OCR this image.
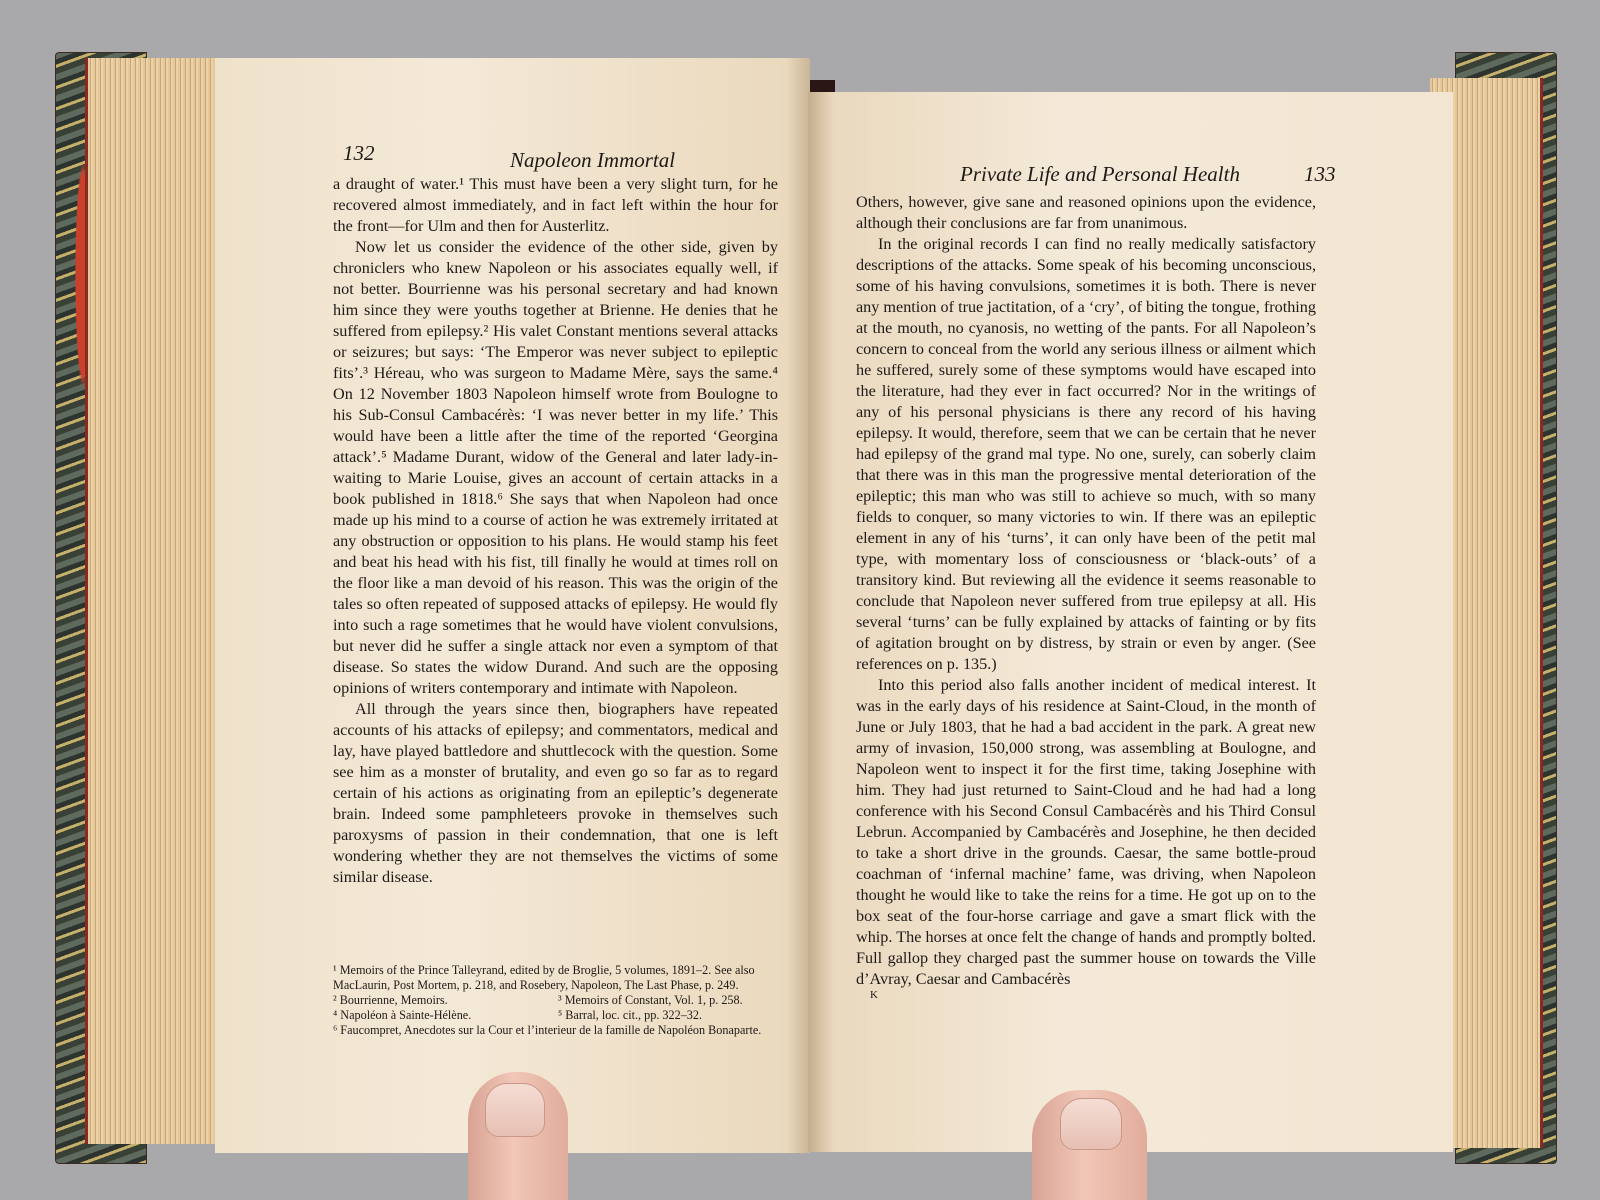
132	Napoleon Immortal

a draught of water.¹ This must have been a very slight turn, for he recovered almost immediately, and in fact left within the hour for the front—for Ulm and then for Austerlitz.

Now let us consider the evidence of the other side, given by chroniclers who knew Napoleon or his associates equally well, if not better. Bourrienne was his personal secretary and had known him since they were youths together at Brienne. He denies that he suffered from epilepsy.² His valet Constant mentions several attacks or seizures; but says: ‘The Emperor was never subject to epileptic fits’.³ Héreau, who was surgeon to Madame Mère, says the same.⁴ On 12 November 1803 Napoleon himself wrote from Boulogne to his Sub-Consul Cambacérès: ‘I was never better in my life.’ This would have been a little after the time of the reported ‘Georgina attack’.⁵ Madame Durant, widow of the General and later lady-in-waiting to Marie Louise, gives an account of certain attacks in a book published in 1818.⁶ She says that when Napoleon had once made up his mind to a course of action he was extremely irritated at any obstruction or opposition to his plans. He would stamp his feet and beat his head with his fist, till finally he would at times roll on the floor like a man devoid of his reason. This was the origin of the tales so often repeated of supposed attacks of epilepsy. He would fly into such a rage sometimes that he would have violent convulsions, but never did he suffer a single attack nor even a symptom of that disease. So states the widow Durand. And such are the opposing opinions of writers contemporary and intimate with Napoleon.

All through the years since then, biographers have repeated accounts of his attacks of epilepsy; and commentators, medical and lay, have played battledore and shuttlecock with the question. Some see him as a monster of brutality, and even go so far as to regard certain of his actions as originating from an epileptic’s degenerate brain. Indeed some pamphleteers provoke in themselves such paroxysms of passion in their condemnation, that one is left wondering whether they are not themselves the victims of some similar disease.

¹ Memoirs of the Prince Talleyrand, edited by de Broglie, 5 volumes, 1891–2. See also MacLaurin, Post Mortem, p. 218, and Rosebery, Napoleon, The Last Phase, p. 249.
² Bourrienne, Memoirs.	³ Memoirs of Constant, Vol. 1, p. 258.
⁴ Napoléon à Sainte-Hélène.	⁵ Barral, loc. cit., pp. 322–32.
⁶ Faucompret, Anecdotes sur la Cour et l’interieur de la famille de Napoléon Bonaparte.
Private Life and Personal Health	133

Others, however, give sane and reasoned opinions upon the evidence, although their conclusions are far from unanimous.

In the original records I can find no really medically satisfactory descriptions of the attacks. Some speak of his becoming unconscious, some of his having convulsions, sometimes it is both. There is never any mention of true jactitation, of a ‘cry’, of biting the tongue, frothing at the mouth, no cyanosis, no wetting of the pants. For all Napoleon’s concern to conceal from the world any serious illness or ailment which he suffered, surely some of these symptoms would have escaped into the literature, had they ever in fact occurred? Nor in the writings of any of his personal physicians is there any record of his having epilepsy. It would, therefore, seem that we can be certain that he never had epilepsy of the grand mal type. No one, surely, can soberly claim that there was in this man the progressive mental deterioration of the epileptic; this man who was still to achieve so much, with so many fields to conquer, so many victories to win. If there was an epileptic element in any of his ‘turns’, it can only have been of the petit mal type, with momentary loss of consciousness or ‘black-outs’ of a transitory kind. But reviewing all the evidence it seems reasonable to conclude that Napoleon never suffered from true epilepsy at all. His several ‘turns’ can be fully explained by attacks of fainting or by fits of agitation brought on by distress, by strain or even by anger. (See references on p. 135.)

Into this period also falls another incident of medical interest. It was in the early days of his residence at Saint-Cloud, in the month of June or July 1803, that he had a bad accident in the park. A great new army of invasion, 150,000 strong, was assembling at Boulogne, and Napoleon went to inspect it for the first time, taking Josephine with him. They had just returned to Saint-Cloud and he had had a long conference with his Second Consul Cambacérès and his Third Consul Lebrun. Accompanied by Cambacérès and Josephine, he then decided to take a short drive in the grounds. Caesar, the same bottle-proud coachman of ‘infernal machine’ fame, was driving, when Napoleon thought he would like to take the reins for a time. He got up on to the box seat of the four-horse carriage and gave a smart flick with the whip. The horses at once felt the change of hands and promptly bolted. Full gallop they charged past the summer house on towards the Ville d’Avray, Caesar and Cambacérès

K
